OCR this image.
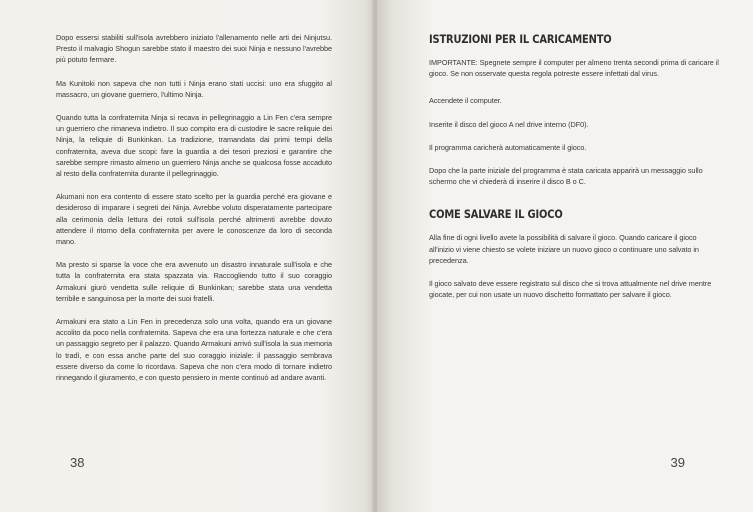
Dopo essersi stabiliti sull'isola avrebbero iniziato l'allenamento nelle arti dei Ninjutsu. Presto il malvagio Shogun sarebbe stato il maestro dei suoi Ninja e nessuno l'avrebbe più potuto fermare.

Ma Kunitoki non sapeva che non tutti i Ninja erano stati uccisi: uno era sfuggito al massacro, un giovane guerriero, l'ultimo Ninja.

Quando tutta la confraternita Ninja si recava in pellegrinaggio a Lin Fen c'era sempre un guerriero che rimaneva indietro. Il suo compito era di custodire le sacre reliquie dei Ninja, la reliquie di Bunkinkan. La tradizione, tramandata dai primi tempi della confraternita, aveva due scopi: fare la guardia a dei tesori preziosi e garantire che sarebbe sempre rimasto almeno un guerriero Ninja anche se qualcosa fosse accaduto al resto della confraternita durante il pellegrinaggio.

Akumani non era contento di essere stato scelto per la guardia perché era giovane e desideroso di imparare i segreti dei Ninja. Avrebbe voluto disperatamente partecipare alla cerimonia della lettura dei rotoli sull'isola perché altrimenti avrebbe dovuto attendere il ritorno della confraternita per avere le conoscenze da loro di seconda mano.

Ma presto si sparse la voce che era avvenuto un disastro innaturale sull'isola e che tutta la confraternita era stata spazzata via. Raccogliendo tutto il suo coraggio Armakuni giurò vendetta sulle reliquie di Bunkinkan; sarebbe stata una vendetta terribile e sanguinosa per la morte dei suoi fratelli.

Armakuni era stato a Lin Fen in precedenza solo una volta, quando era un giovane accolito da poco nella confraternita. Sapeva che era una fortezza naturale e che c'era un passaggio segreto per il palazzo. Quando Armakuni arrivò sull'isola la sua memoria lo tradì, e con essa anche parte del suo coraggio iniziale: il passaggio sembrava essere diverso da come lo ricordava. Sapeva che non c'era modo di tornare indietro rinnegando il giuramento, e con questo pensiero in mente continuò ad andare avanti.

38
ISTRUZIONI PER IL CARICAMENTO

IMPORTANTE: Spegnete sempre il computer per almeno trenta secondi prima di caricare il gioco. Se non osservate questa regola potreste essere infettati dal virus.

Accendete il computer.

Inserite il disco del gioco A nel drive interno (DF0).

Il programma caricherà automaticamente il gioco.

Dopo che la parte iniziale del programma è stata caricata apparirà un messaggio sullo schermo che vi chiederà di inserire il disco B o C.

COME SALVARE IL GIOCO

Alla fine di ogni livello avete la possibilità di salvare il gioco. Quando caricare il gioco all'inizio vi viene chiesto se volete iniziare un nuovo gioco o continuare uno salvato in precedenza.

Il gioco salvato deve essere registrato sul disco che si trova attualmente nel drive mentre giocate, per cui non usate un nuovo dischetto formattato per salvare il gioco.

39
